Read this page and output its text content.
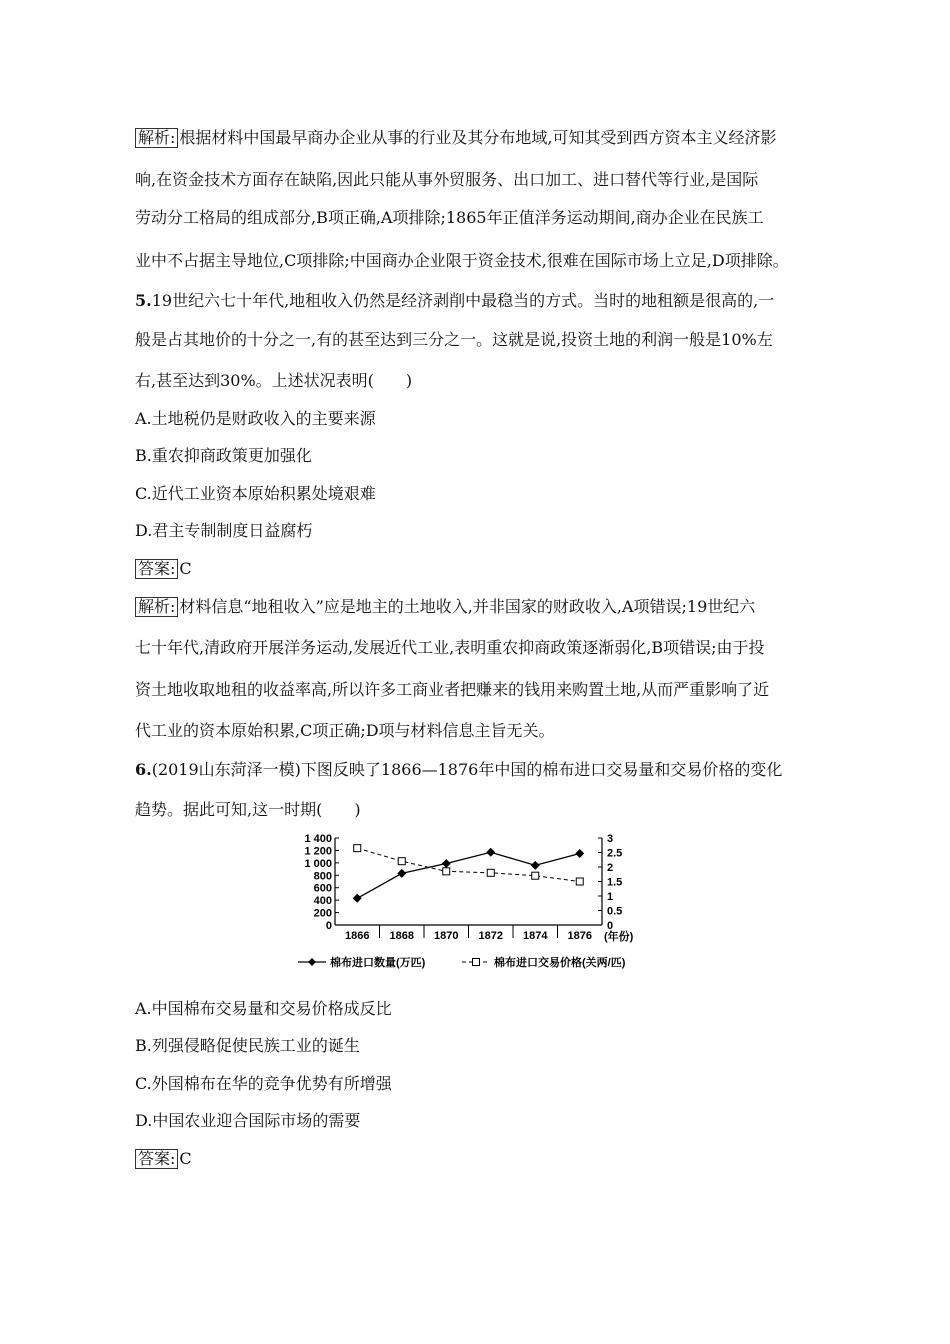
解析: 根据材料中国最早商办企业从事的行业及其分布地域,可知其受到西方资本主义经济影
响,在资金技术方面存在缺陷,因此只能从事外贸服务、出口加工、进口替代等行业,是国际
劳动分工格局的组成部分,B项正确,A项排除;1865年正值洋务运动期间,商办企业在民族工
业中不占据主导地位,C项排除;中国商办企业限于资金技术,很难在国际市场上立足,D项排除。
5.19世纪六七十年代,地租收入仍然是经济剥削中最稳当的方式。当时的地租额是很高的,一
般是占其地价的十分之一,有的甚至达到三分之一。这就是说,投资土地的利润一般是10%左
右,甚至达到30%。上述状况表明(　　)
A.土地税仍是财政收入的主要来源
B.重农抑商政策更加强化
C.近代工业资本原始积累处境艰难
D.君主专制制度日益腐朽
答案: C
解析: 材料信息“地租收入”应是地主的土地收入,并非国家的财政收入,A项错误;19世纪六
七十年代,清政府开展洋务运动,发展近代工业,表明重农抑商政策逐渐弱化,B项错误;由于投
资土地收取地租的收益率高,所以许多工商业者把赚来的钱用来购置土地,从而严重影响了近
代工业的资本原始积累,C项正确;D项与材料信息主旨无关。
6.(2019山东菏泽一模)下图反映了1866—1876年中国的棉布进口交易量和交易价格的变化
趋势。据此可知,这一时期(　　)
1 400
1 200
1 000
800
600
400
200
0
3
2.5
2
1.5
1
0.5
0
1866 1868 1870 1872 1874 1876 (年份)
棉布进口数量(万匹)	棉布进口交易价格(关两/匹)
A.中国棉布交易量和交易价格成反比
B.列强侵略促使民族工业的诞生
C.外国棉布在华的竞争优势有所增强
D.中国农业迎合国际市场的需要
答案: C
